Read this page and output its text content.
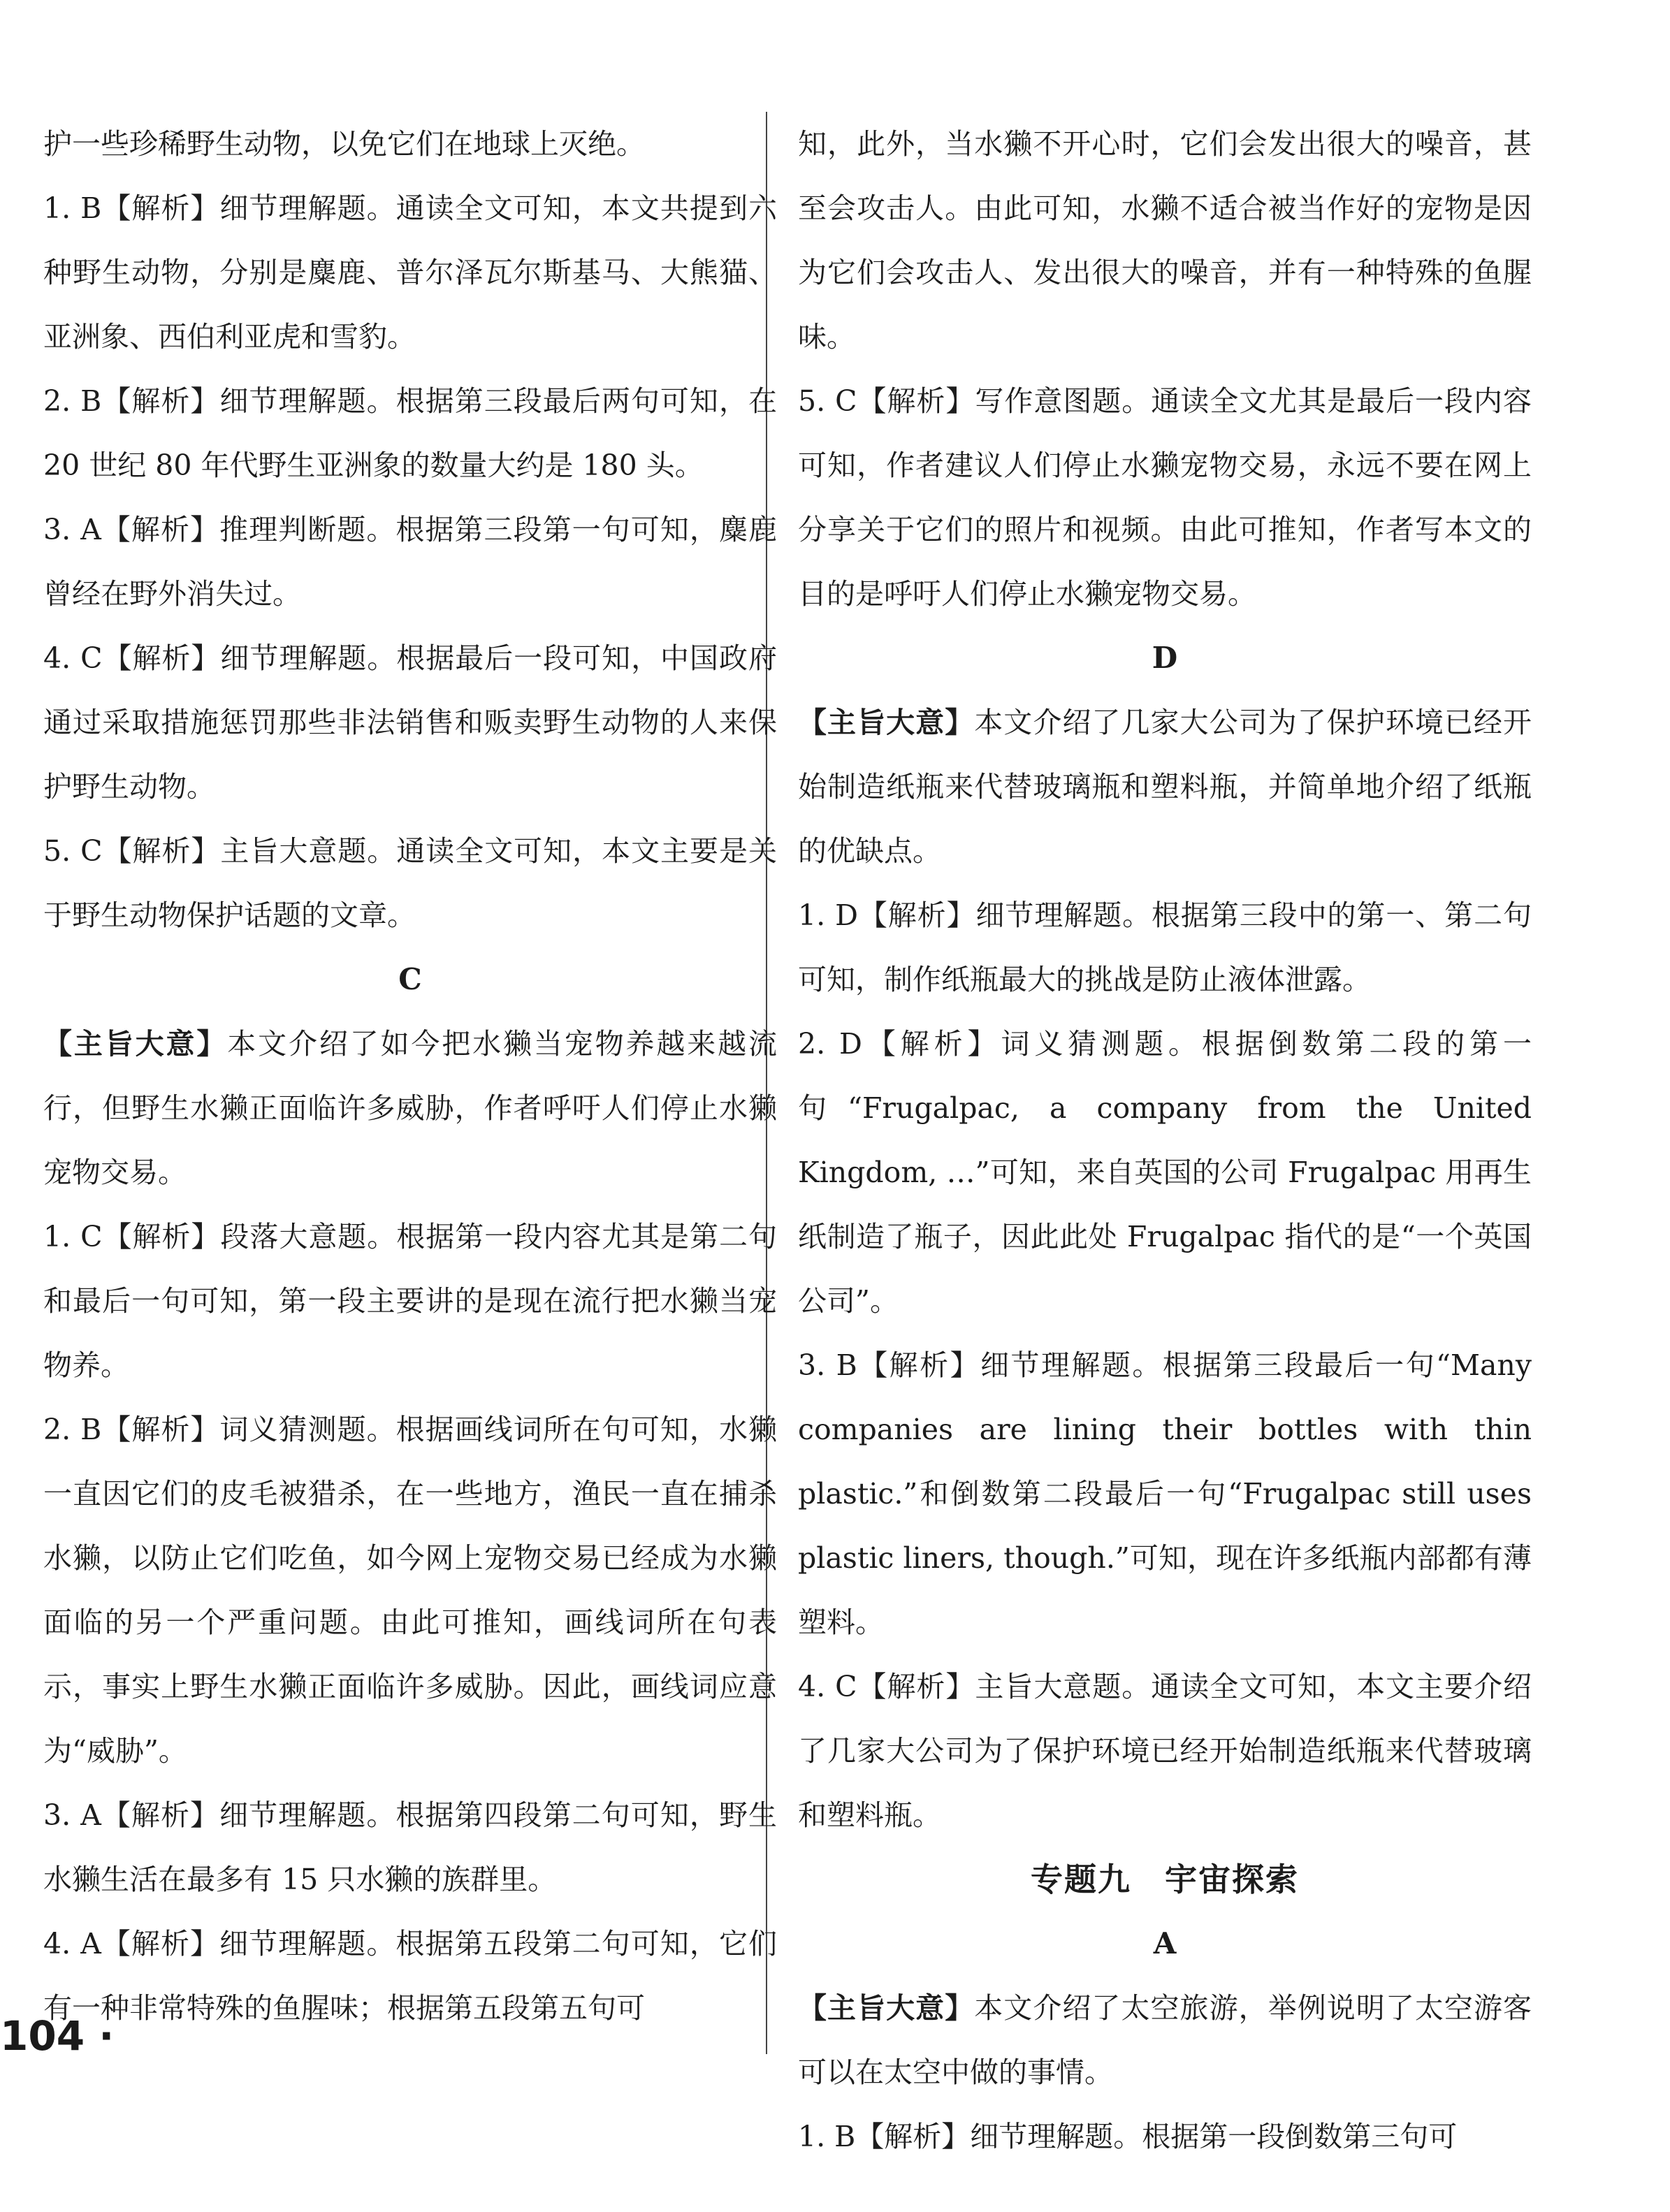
护一些珍稀野生动物，以免它们在地球上灭绝。

1. B【解析】细节理解题。通读全文可知，本文共提到六种野生动物，分别是麋鹿、普尔泽瓦尔斯基马、大熊猫、亚洲象、西伯利亚虎和雪豹。

2. B【解析】细节理解题。根据第三段最后两句可知，在 20 世纪 80 年代野生亚洲象的数量大约是 180 头。

3. A【解析】推理判断题。根据第三段第一句可知，麋鹿曾经在野外消失过。

4. C【解析】细节理解题。根据最后一段可知，中国政府通过采取措施惩罚那些非法销售和贩卖野生动物的人来保护野生动物。

5. C【解析】主旨大意题。通读全文可知，本文主要是关于野生动物保护话题的文章。

C

【主旨大意】本文介绍了如今把水獭当宠物养越来越流行，但野生水獭正面临许多威胁，作者呼吁人们停止水獭宠物交易。

1. C【解析】段落大意题。根据第一段内容尤其是第二句和最后一句可知，第一段主要讲的是现在流行把水獭当宠物养。

2. B【解析】词义猜测题。根据画线词所在句可知，水獭一直因它们的皮毛被猎杀，在一些地方，渔民一直在捕杀水獭，以防止它们吃鱼，如今网上宠物交易已经成为水獭面临的另一个严重问题。由此可推知，画线词所在句表示，事实上野生水獭正面临许多威胁。因此，画线词应意为“威胁”。

3. A【解析】细节理解题。根据第四段第二句可知，野生水獭生活在最多有 15 只水獭的族群里。

4. A【解析】细节理解题。根据第五段第二句可知，它们有一种非常特殊的鱼腥味；根据第五段第五句可

知，此外，当水獭不开心时，它们会发出很大的噪音，甚至会攻击人。由此可知，水獭不适合被当作好的宠物是因为它们会攻击人、发出很大的噪音，并有一种特殊的鱼腥味。

5. C【解析】写作意图题。通读全文尤其是最后一段内容可知，作者建议人们停止水獭宠物交易，永远不要在网上分享关于它们的照片和视频。由此可推知，作者写本文的目的是呼吁人们停止水獭宠物交易。

D

【主旨大意】本文介绍了几家大公司为了保护环境已经开始制造纸瓶来代替玻璃瓶和塑料瓶，并简单地介绍了纸瓶的优缺点。

1. D【解析】细节理解题。根据第三段中的第一、第二句可知，制作纸瓶最大的挑战是防止液体泄露。

2. D【解析】词义猜测题。根据倒数第二段的第一句“Frugalpac, a company from the United Kingdom, …”可知，来自英国的公司 Frugalpac 用再生纸制造了瓶子，因此此处 Frugalpac 指代的是“一个英国公司”。

3. B【解析】细节理解题。根据第三段最后一句“Many companies are lining their bottles with thin plastic.”和倒数第二段最后一句“Frugalpac still uses plastic liners, though.”可知，现在许多纸瓶内部都有薄塑料。

4. C【解析】主旨大意题。通读全文可知，本文主要介绍了几家大公司为了保护环境已经开始制造纸瓶来代替玻璃和塑料瓶。

专题九　宇宙探索

A

【主旨大意】本文介绍了太空旅游，举例说明了太空游客可以在太空中做的事情。

1. B【解析】细节理解题。根据第一段倒数第三句可

104 ·
